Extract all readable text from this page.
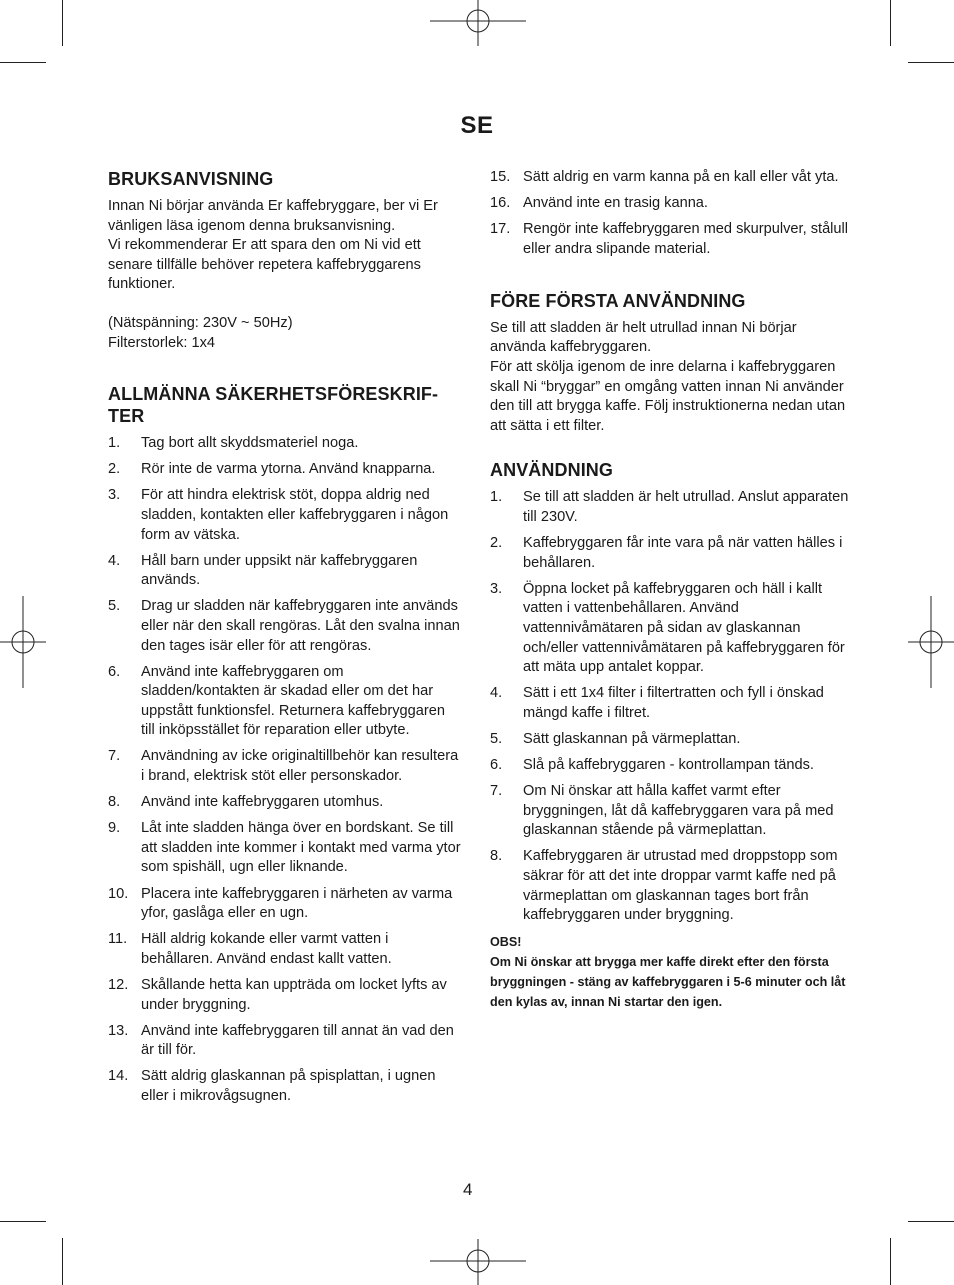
SE
BRUKSANVISNING

Innan Ni börjar använda Er kaffebryggare, ber vi Er vänligen läsa igenom denna bruksanvisning.
Vi rekommenderar Er att spara den om Ni vid ett senare tillfälle behöver repetera kaffebryggarens funktioner.

(Nätspänning: 230V ~ 50Hz)

Filterstorlek: 1x4

ALLMÄNNA SÄKERHETSFÖRESKRIF-
TER
1. Tag bort allt skyddsmateriel noga.
2. Rör inte de varma ytorna. Använd knapparna.
3. För att hindra elektrisk stöt, doppa aldrig ned sladden, kontakten eller kaffebryggaren i någon form av vätska.
4. Håll barn under uppsikt när kaffebryggaren används.
5. Drag ur sladden när kaffebryggaren inte används eller när den skall rengöras. Låt den svalna innan den tages isär eller för att rengöras.
6. Använd inte kaffebryggaren om sladden/kontakten är skadad eller om det har uppstått funktionsfel. Returnera kaffebryggaren till inköpsstället för reparation eller utbyte.
7. Användning av icke originaltillbehör kan resultera i brand, elektrisk stöt eller personskador.
8. Använd inte kaffebryggaren utomhus.
9. Låt inte sladden hänga över en bordskant. Se till att sladden inte kommer i kontakt med varma ytor som spishäll, ugn eller liknande.
10. Placera inte kaffebryggaren i närheten av varma yfor, gaslåga eller en ugn.
11. Häll aldrig kokande eller varmt vatten i behållaren. Använd endast kallt vatten.
12. Skållande hetta kan uppträda om locket lyfts av under bryggning.
13. Använd inte kaffebryggaren till annat än vad den är till för.
14. Sätt aldrig glaskannan på spisplattan, i ugnen eller i mikrovågsugnen.
15. Sätt aldrig en varm kanna på en kall eller våt yta.
16. Använd inte en trasig kanna.
17. Rengör inte kaffebryggaren med skurpulver, stålull eller andra slipande material.
FÖRE FÖRSTA ANVÄNDNING

Se till att sladden är helt utrullad innan Ni börjar använda kaffebryggaren.
För att skölja igenom de inre delarna i kaffebryggaren skall Ni “bryggar” en omgång vatten innan Ni använder den till att brygga kaffe. Följ instruktionerna nedan utan att sätta i ett filter.

ANVÄNDNING
1. Se till att sladden är helt utrullad. Anslut apparaten till 230V.
2. Kaffebryggaren får inte vara på när vatten hälles i behållaren.
3. Öppna locket på kaffebryggaren och häll i kallt vatten i vattenbehållaren. Använd vattennivåmätaren på sidan av glaskannan och/eller vattennivåmätaren på kaffebryggaren för att mäta upp antalet koppar.
4. Sätt i ett 1x4 filter i filtertratten och fyll i önskad mängd kaffe i filtret.
5. Sätt glaskannan på värmeplattan.
6. Slå på kaffebryggaren - kontrollampan tänds.
7. Om Ni önskar att hålla kaffet varmt efter bryggningen, låt då kaffebryggaren vara på med glaskannan stående på värmeplattan.
8. Kaffebryggaren är utrustad med droppstopp som säkrar för att det inte droppar varmt kaffe ned på värmeplattan om glaskannan tages bort från kaffebryggaren under bryggning.
OBS!
Om Ni önskar att brygga mer kaffe direkt efter den första bryggningen - stäng av kaffebryggaren i 5-6 minuter och låt den kylas av, innan Ni startar den igen.
4
